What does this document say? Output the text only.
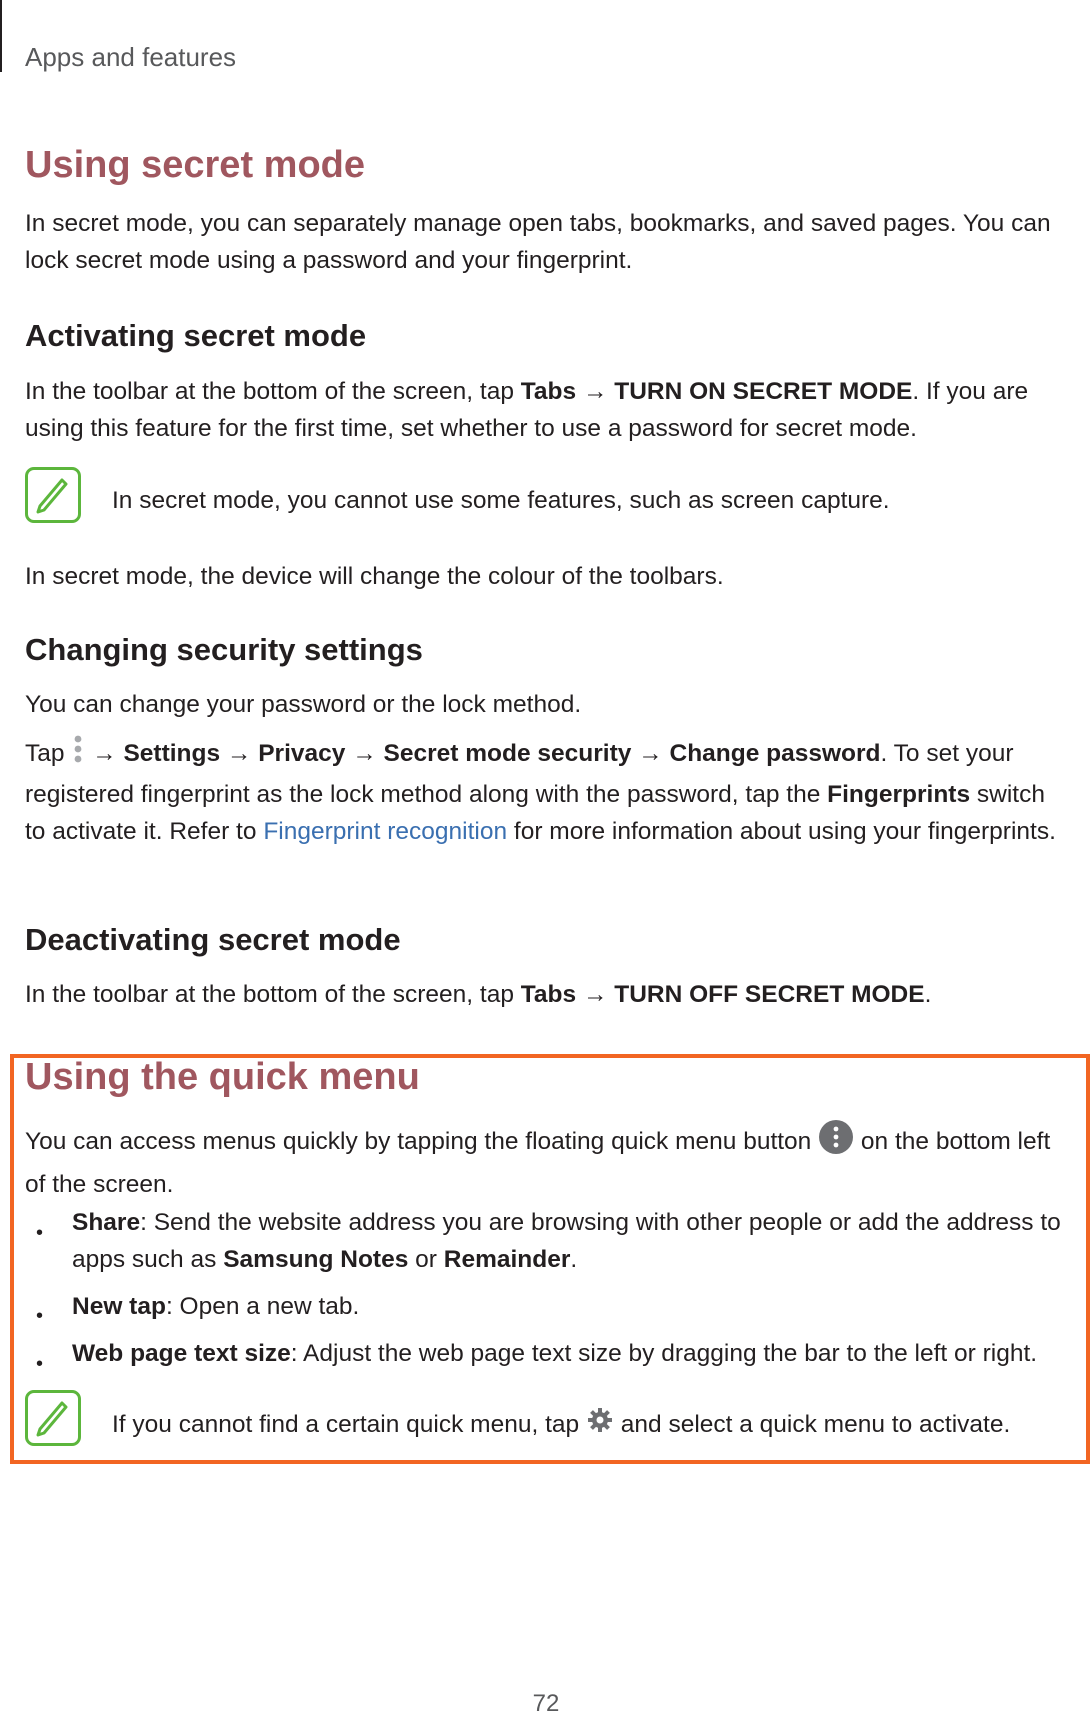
Apps and features
Using secret mode
In secret mode, you can separately manage open tabs, bookmarks, and saved pages. You can lock secret mode using a password and your fingerprint.
Activating secret mode
In the toolbar at the bottom of the screen, tap Tabs → TURN ON SECRET MODE. If you are using this feature for the first time, set whether to use a password for secret mode.
In secret mode, you cannot use some features, such as screen capture.
In secret mode, the device will change the colour of the toolbars.
Changing security settings
You can change your password or the lock method.
Tap  → Settings → Privacy → Secret mode security → Change password. To set your registered fingerprint as the lock method along with the password, tap the Fingerprints switch to activate it. Refer to Fingerprint recognition for more information about using your fingerprints.
Deactivating secret mode
In the toolbar at the bottom of the screen, tap Tabs → TURN OFF SECRET MODE.
Using the quick menu
You can access menus quickly by tapping the floating quick menu button  on the bottom left of the screen.
• Share: Send the website address you are browsing with other people or add the address to apps such as Samsung Notes or Remainder.
• New tap: Open a new tab.
• Web page text size: Adjust the web page text size by dragging the bar to the left or right.
If you cannot find a certain quick menu, tap  and select a quick menu to activate.
72
